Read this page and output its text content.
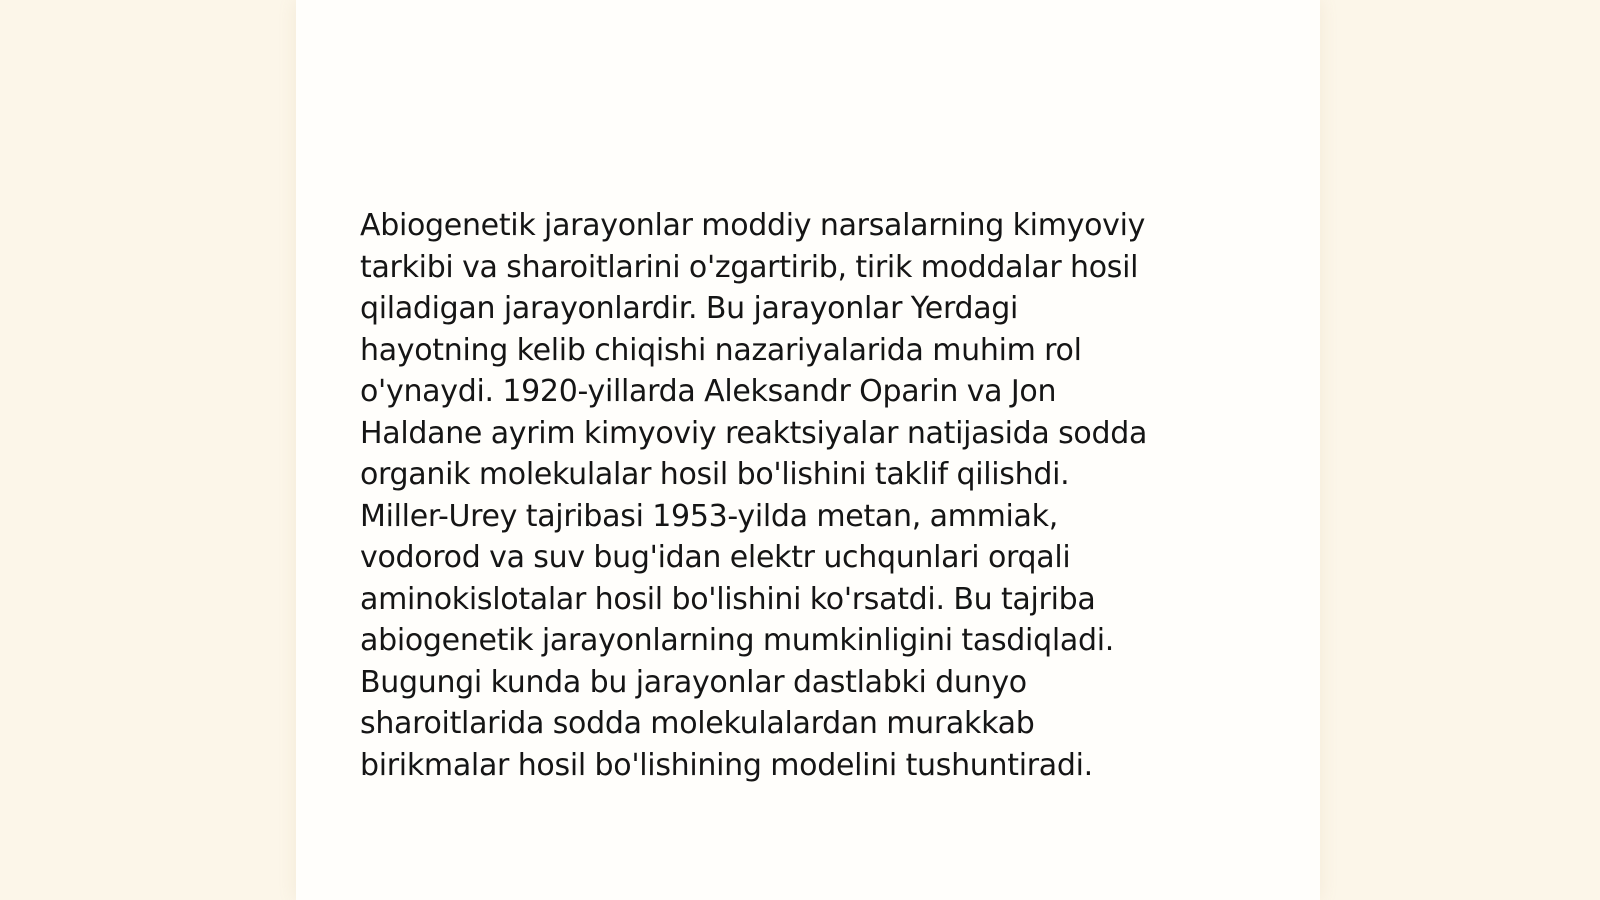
Abiogenetik jarayonlar moddiy narsalarning kimyoviy
tarkibi va sharoitlarini o'zgartirib, tirik moddalar hosil
qiladigan jarayonlardir. Bu jarayonlar Yerdagi
hayotning kelib chiqishi nazariyalarida muhim rol
o'ynaydi. 1920-yillarda Aleksandr Oparin va Jon
Haldane ayrim kimyoviy reaktsiyalar natijasida sodda
organik molekulalar hosil bo'lishini taklif qilishdi.
Miller-Urey tajribasi 1953-yilda metan, ammiak,
vodorod va suv bug'idan elektr uchqunlari orqali
aminokislotalar hosil bo'lishini ko'rsatdi. Bu tajriba
abiogenetik jarayonlarning mumkinligini tasdiqladi.
Bugungi kunda bu jarayonlar dastlabki dunyo
sharoitlarida sodda molekulalardan murakkab
birikmalar hosil bo'lishining modelini tushuntiradi.
